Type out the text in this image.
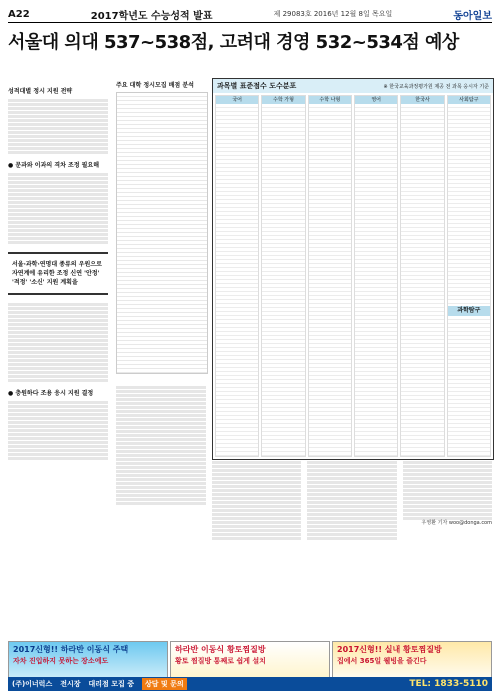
A22	2017학년도 수능성적 발표	제 29083호 2016년 12월 8일 목요일	동아일보
서울대 의대 537~538점, 고려대 경영 532~534점 예상
성적대별 정시 지원 전략
● 문과와 이과의 격차 조정 필요해
서울·과학·연명대 종류의 우원으로 자연계에 유리한 조정 신연 '안정' '적정' '소신' 지원 계획을
● 충원하다 조용 응시 지원 결정
주요 대학 정시모집 배점 분석	과목별 표준점수 도수분포	※ 한국교육과정평가원 제공 전 과목 응시자 기준
국어	수학 가형	수학 나형	영어	한국사	사회탐구
과학탐구
우영환 기자 woo@donga.com
2017신형!! 하라반 이동식 주택
자차 진입하지 못하는 장소에도
하라반 이동식 황토찜질방
황토 찜질방 통째로 쉽게 설치
2017신형!! 실내 황토찜질방
집에서 365일 웰빙을 즐긴다
(주)이너럭스 전시장 대리점 모집 중	상담 및 문의	TEL: 1833-5110
